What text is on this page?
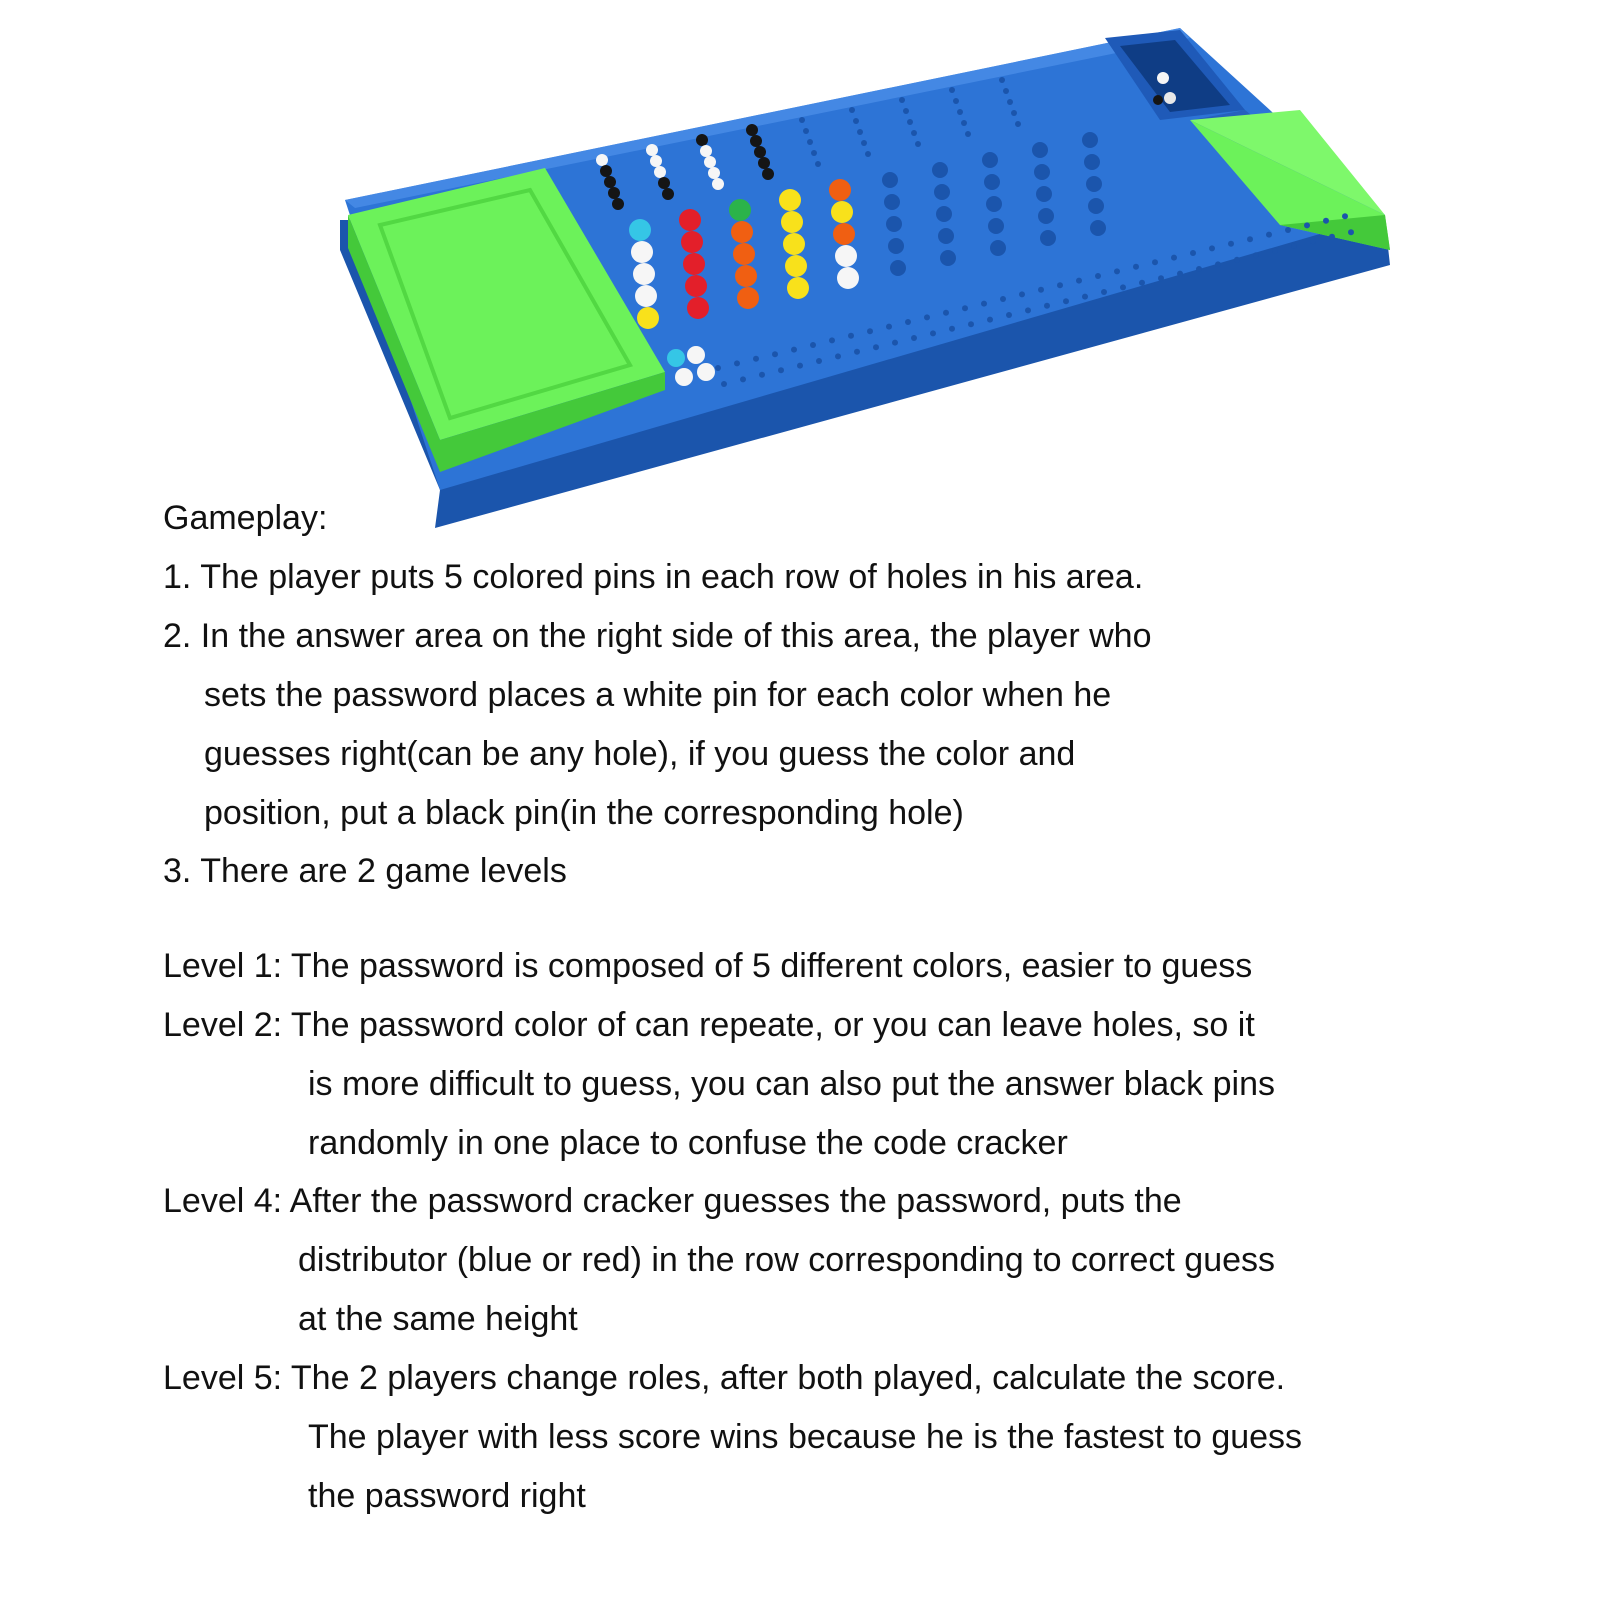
Gameplay:
1. The player puts 5 colored pins in each row of holes in his area.
2. In the answer area on the right side of this area, the player who
sets the password places a white pin for each color when he
guesses right(can be any hole), if you guess the color and
position, put a black pin(in the corresponding hole)
3. There are 2 game levels
Level 1: The password is composed of 5 different colors, easier to guess
Level 2: The password color of can repeate, or you can leave holes, so it
is more difficult to guess, you can also put the answer black pins
randomly in one place to confuse the code cracker
Level 4: After the password cracker guesses the password, puts the
distributor (blue or red) in the row corresponding to correct guess
at the same height
Level 5: The 2 players change roles, after both played, calculate the score.
The player with less score wins because he is the fastest to guess
the password right
